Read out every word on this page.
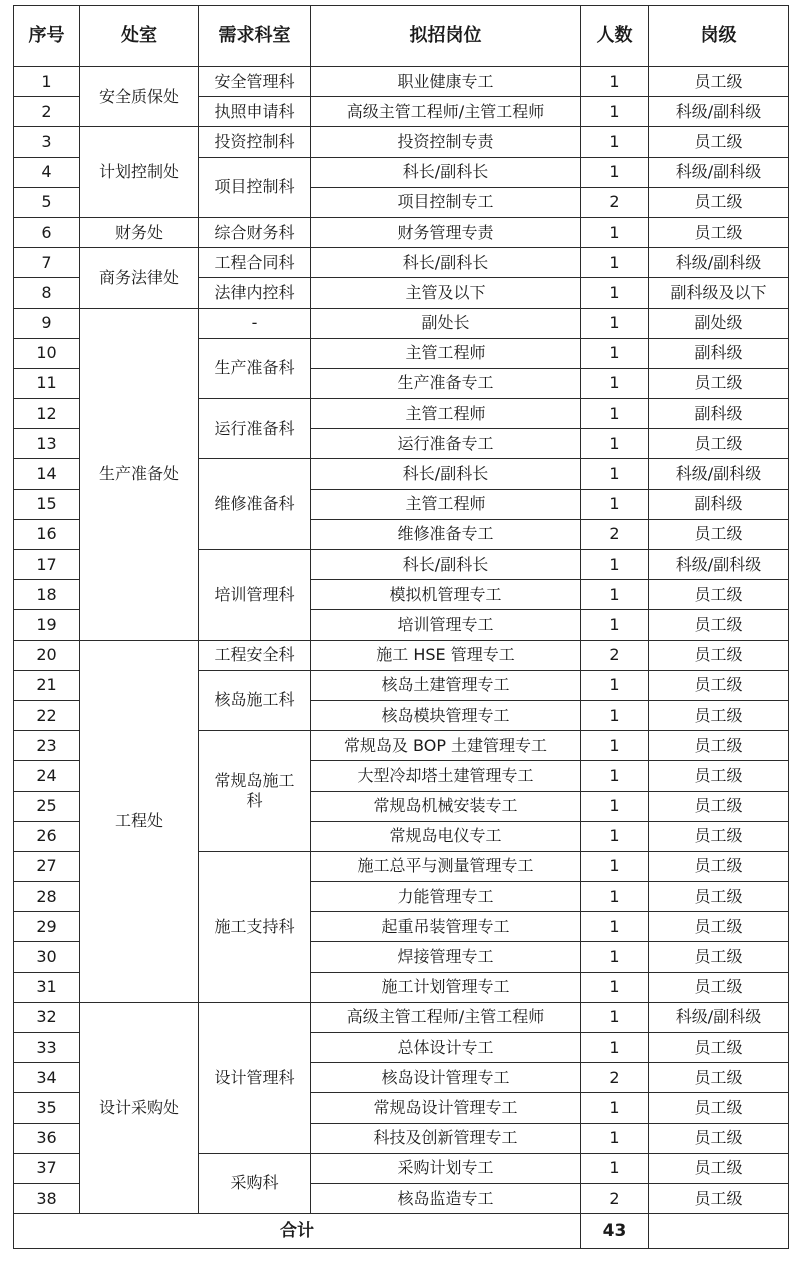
序号	处室	需求科室	拟招岗位	人数	岗级
1	安全质保处	安全管理科	职业健康专工	1	员工级
2		执照申请科	高级主管工程师/主管工程师	1	科级/副科级
3	计划控制处	投资控制科	投资控制专责	1	员工级
4		项目控制科	科长/副科长	1	科级/副科级
5			项目控制专工	2	员工级
6	财务处	综合财务科	财务管理专责	1	员工级
7	商务法律处	工程合同科	科长/副科长	1	科级/副科级
8		法律内控科	主管及以下	1	副科级及以下
9	生产准备处	-	副处长	1	副处级
10		生产准备科	主管工程师	1	副科级
11			生产准备专工	1	员工级
12		运行准备科	主管工程师	1	副科级
13			运行准备专工	1	员工级
14		维修准备科	科长/副科长	1	科级/副科级
15			主管工程师	1	副科级
16			维修准备专工	2	员工级
17		培训管理科	科长/副科长	1	科级/副科级
18			模拟机管理专工	1	员工级
19			培训管理专工	1	员工级
20	工程处	工程安全科	施工 HSE 管理专工	2	员工级
21		核岛施工科	核岛土建管理专工	1	员工级
22			核岛模块管理专工	1	员工级
23		常规岛施工科	常规岛及 BOP 土建管理专工	1	员工级
24			大型冷却塔土建管理专工	1	员工级
25			常规岛机械安装专工	1	员工级
26			常规岛电仪专工	1	员工级
27		施工支持科	施工总平与测量管理专工	1	员工级
28			力能管理专工	1	员工级
29			起重吊装管理专工	1	员工级
30			焊接管理专工	1	员工级
31			施工计划管理专工	1	员工级
32	设计采购处	设计管理科	高级主管工程师/主管工程师	1	科级/副科级
33			总体设计专工	1	员工级
34			核岛设计管理专工	2	员工级
35			常规岛设计管理专工	1	员工级
36			科技及创新管理专工	1	员工级
37		采购科	采购计划专工	1	员工级
38			核岛监造专工	2	员工级
合计				43	
